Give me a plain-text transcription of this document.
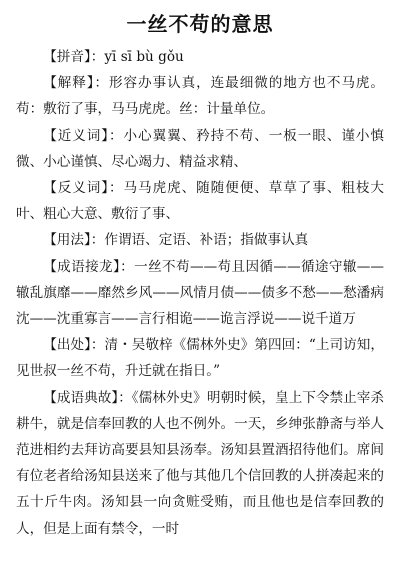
一丝不苟的意思

【拼音】：yī sī bù gǒu

【解释】：形容办事认真，连最细微的地方也不马虎。苟：敷衍了事，马马虎虎。丝：计量单位。

【近义词】：小心翼翼、矜持不苟、一板一眼、谨小慎微、小心谨慎、尽心竭力、精益求精、

【反义词】：马马虎虎、随随便便、草草了事、粗枝大叶、粗心大意、敷衍了事、

【用法】：作谓语、定语、补语；指做事认真

【成语接龙】：一丝不苟——苟且因循——循途守辙——辙乱旗靡——靡然乡风——风情月债——债多不愁——愁潘病沈——沈重寡言——言行相诡——诡言浮说——说千道万

【出处】：清・吴敬梓《儒林外史》第四回：“上司访知，见世叔一丝不苟，升迁就在指日。”

【成语典故】：《儒林外史》明朝时候，皇上下令禁止宰杀耕牛，就是信奉回教的人也不例外。一天，乡绅张静斋与举人范进相约去拜访高要县知县汤奉。汤知县置酒招待他们。席间有位老者给汤知县送来了他与其他几个信回教的人拼凑起来的五十斤牛肉。汤知县一向贪赃受贿，而且他也是信奉回教的人，但是上面有禁令，一时
